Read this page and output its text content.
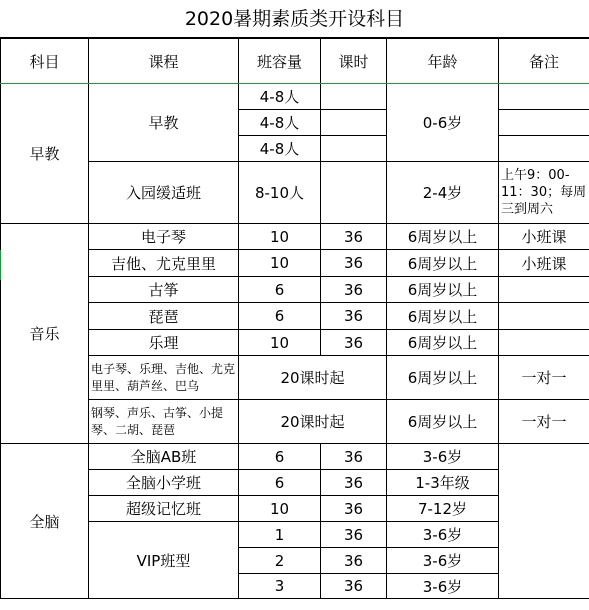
2020暑期素质类开设科目
科目	课程	班容量	课时	年龄	备注
早教	早教	4-8人		0-6岁	
		4-8人			
		4-8人			
	入园缓适班	8-10人		2-4岁	上午9：00-11：30；每周三到周六
音乐	电子琴	10	36	6周岁以上	小班课
	吉他、尤克里里	10	36	6周岁以上	小班课
	古筝	6	36	6周岁以上	
	琵琶	6	36	6周岁以上	
	乐理	10	36	6周岁以上	
	电子琴、乐理、吉他、尤克里里、葫芦丝、巴乌	20课时起		6周岁以上	一对一
	钢琴、声乐、古筝、小提琴、二胡、琵琶	20课时起		6周岁以上	一对一
全脑	全脑AB班	6	36	3-6岁	
	全脑小学班	6	36	1-3年级	
	超级记忆班	10	36	7-12岁	
	VIP班型	1	36	3-6岁	
		2	36	3-6岁	
		3	36	3-6岁	
